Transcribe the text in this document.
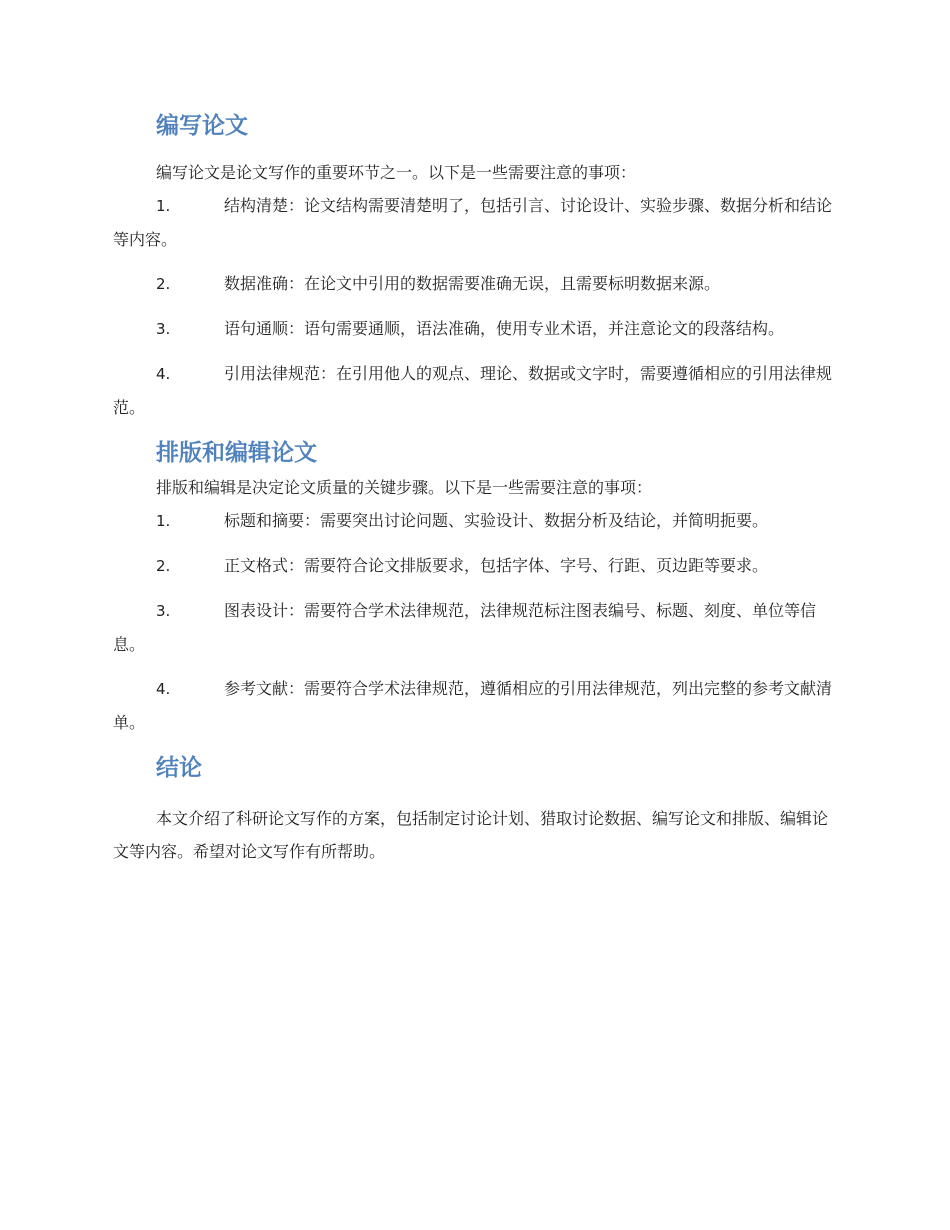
编写论文

编写论文是论文写作的重要环节之一。以下是一些需要注意的事项：

1.	结构清楚：论文结构需要清楚明了，包括引言、讨论设计、实验步骤、数据分析和结论等内容。

2.	数据准确：在论文中引用的数据需要准确无误，且需要标明数据来源。

3.	语句通顺：语句需要通顺，语法准确，使用专业术语，并注意论文的段落结构。

4.	引用法律规范：在引用他人的观点、理论、数据或文字时，需要遵循相应的引用法律规范。

排版和编辑论文

排版和编辑是决定论文质量的关键步骤。以下是一些需要注意的事项：

1.	标题和摘要：需要突出讨论问题、实验设计、数据分析及结论，并简明扼要。

2.	正文格式：需要符合论文排版要求，包括字体、字号、行距、页边距等要求。

3.	图表设计：需要符合学术法律规范，法律规范标注图表编号、标题、刻度、单位等信息。

4.	参考文献：需要符合学术法律规范，遵循相应的引用法律规范，列出完整的参考文献清单。

结论

本文介绍了科研论文写作的方案，包括制定讨论计划、猎取讨论数据、编写论文和排版、编辑论文等内容。希望对论文写作有所帮助。
